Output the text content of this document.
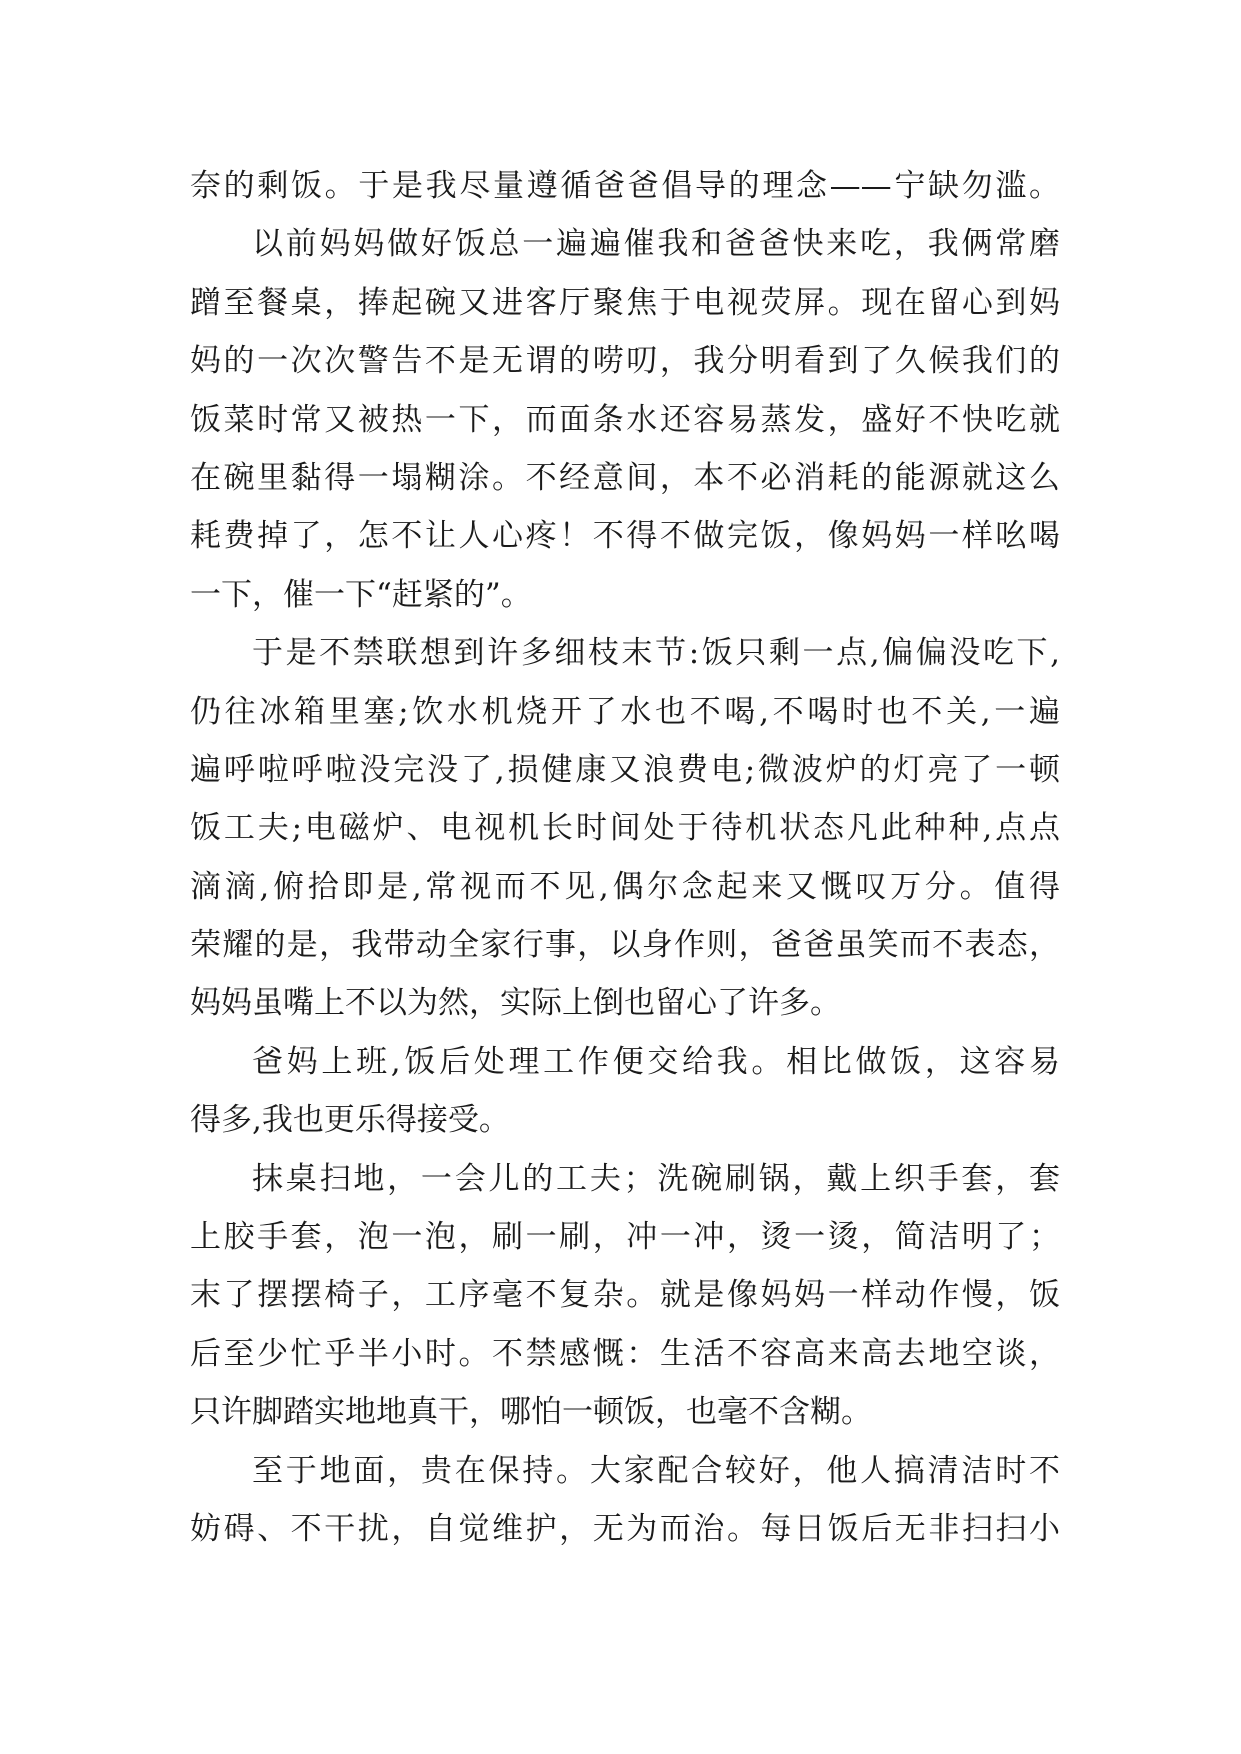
奈的剩饭。于是我尽量遵循爸爸倡导的理念——宁缺勿滥。
以前妈妈做好饭总一遍遍催我和爸爸快来吃，我俩常磨
蹭至餐桌，捧起碗又进客厅聚焦于电视荧屏。现在留心到妈
妈的一次次警告不是无谓的唠叨，我分明看到了久候我们的
饭菜时常又被热一下，而面条水还容易蒸发，盛好不快吃就
在碗里黏得一塌糊涂。不经意间，本不必消耗的能源就这么
耗费掉了，怎不让人心疼！不得不做完饭，像妈妈一样吆喝
一下，催一下“赶紧的”。
于是不禁联想到许多细枝末节:饭只剩一点,偏偏没吃下,
仍往冰箱里塞;饮水机烧开了水也不喝,不喝时也不关,一遍
遍呼啦呼啦没完没了,损健康又浪费电;微波炉的灯亮了一顿
饭工夫;电磁炉、电视机长时间处于待机状态凡此种种,点点
滴滴,俯拾即是,常视而不见,偶尔念起来又慨叹万分。值得
荣耀的是，我带动全家行事，以身作则，爸爸虽笑而不表态，
妈妈虽嘴上不以为然，实际上倒也留心了许多。
爸妈上班,饭后处理工作便交给我。相比做饭，这容易
得多,我也更乐得接受。
抹桌扫地，一会儿的工夫；洗碗刷锅，戴上织手套，套
上胶手套，泡一泡，刷一刷，冲一冲，烫一烫，简洁明了；
末了摆摆椅子，工序毫不复杂。就是像妈妈一样动作慢，饭
后至少忙乎半小时。不禁感慨：生活不容高来高去地空谈，
只许脚踏实地地真干，哪怕一顿饭，也毫不含糊。
至于地面，贵在保持。大家配合较好，他人搞清洁时不
妨碍、不干扰，自觉维护，无为而治。每日饭后无非扫扫小
